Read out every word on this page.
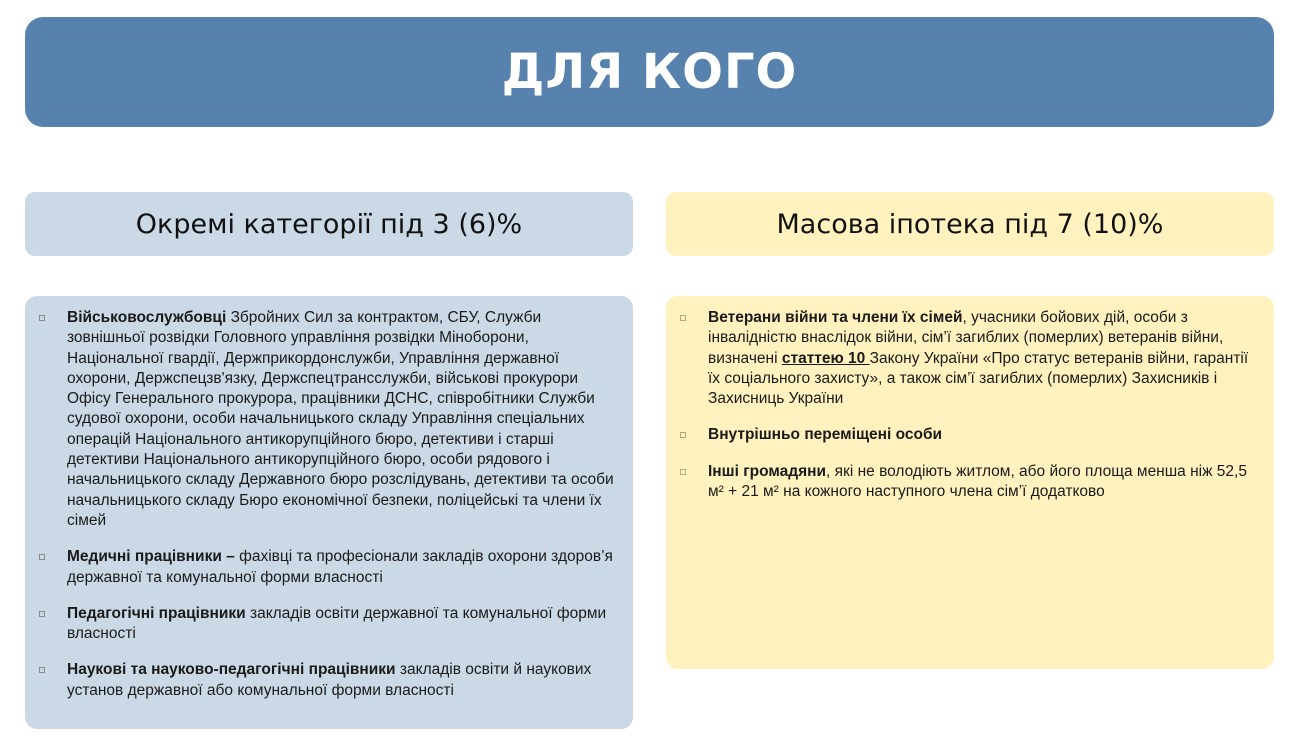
ДЛЯ КОГО
Окремі категорії під 3 (6)%	Масова іпотека під 7 (10)%
Військовослужбовці Збройних Сил за контрактом, СБУ, Служби зовнішньої розвідки Головного управління розвідки Міноборони, Національної гвардії, Держприкордонслужби, Управління державної охорони, Держспецзв'язку, Держспецтрансслужби, військові прокурори Офісу Генерального прокурора, працівники ДСНС, співробітники Служби судової охорони, особи начальницького складу Управління спеціальних операцій Національного антикорупційного бюро, детективи і старші детективи Національного антикорупційного бюро, особи рядового і начальницького складу Державного бюро розслідувань, детективи та особи начальницького складу Бюро економічної безпеки, поліцейські та члени їх сімей
Медичні працівники – фахівці та професіонали закладів охорони здоров’я державної та комунальної форми власності
Педагогічні працівники закладів освіти державної та комунальної форми власності
Наукові та науково-педагогічні працівники закладів освіти й наукових установ державної або комунальної форми власності
Ветерани війни та члени їх сімей, учасники бойових дій, особи з інвалідністю внаслідок війни, сім’ї загиблих (померлих) ветеранів війни, визначені статтею 10 Закону України «Про статус ветеранів війни, гарантії їх соціального захисту», а також сім’ї загиблих (померлих) Захисників і Захисниць України
Внутрішньо переміщені особи
Інші громадяни, які не володіють житлом, або його площа менша ніж 52,5 м² + 21 м² на кожного наступного члена сім’ї додатково
